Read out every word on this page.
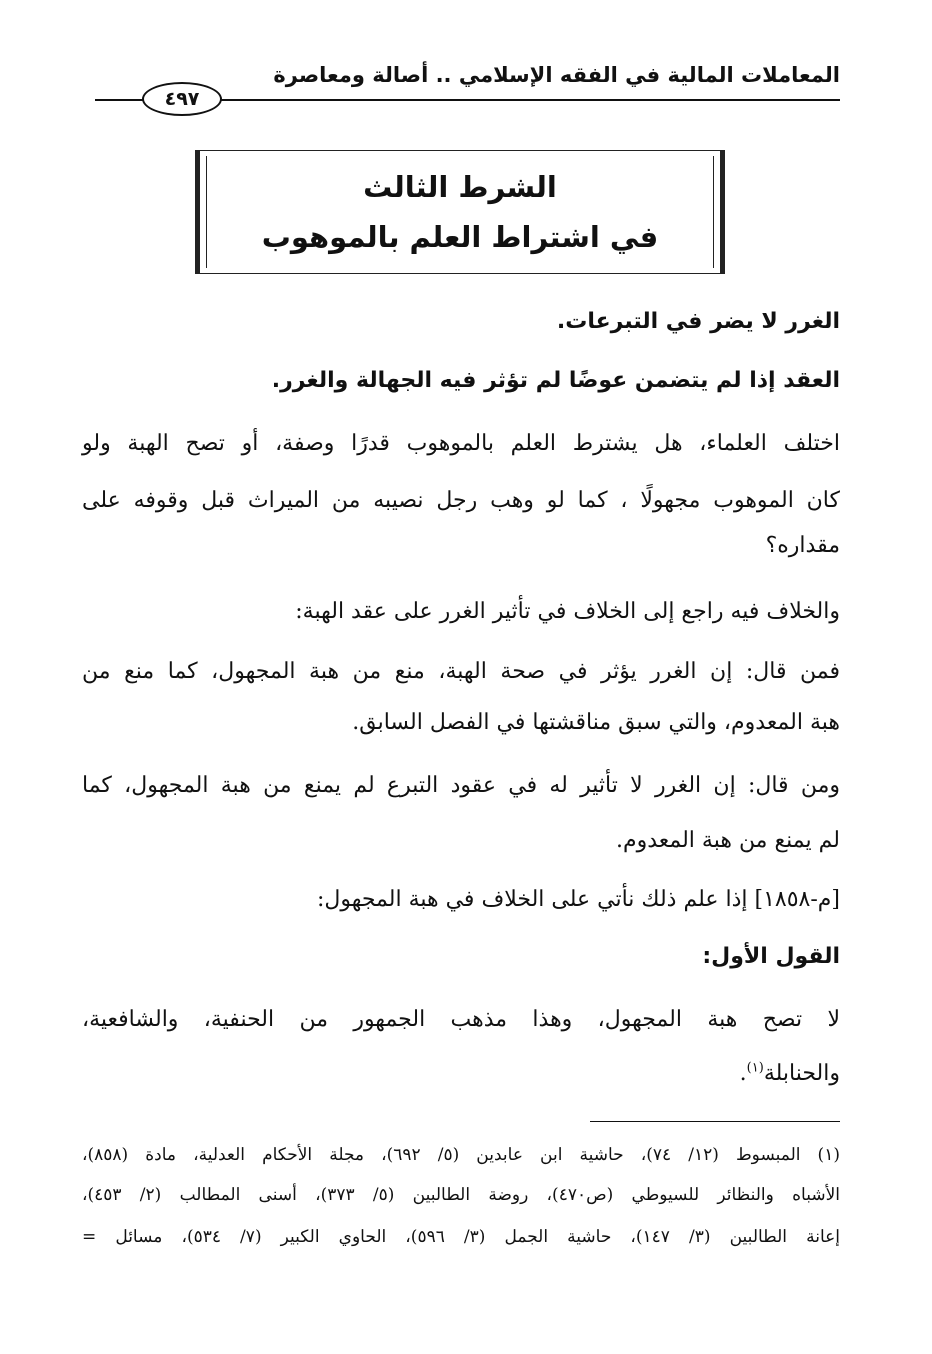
المعاملات المالية في الفقه الإسلامي .. أصالة ومعاصرة
٤٩٧
الشرط الثالث
في اشتراط العلم بالموهوب
الغرر لا يضر في التبرعات.
العقد إذا لم يتضمن عوضًا لم تؤثر فيه الجهالة والغرر.
اختلف العلماء، هل يشترط العلم بالموهوب قدرًا وصفة، أو تصح الهبة ولو
كان الموهوب مجهولًا ، كما لو وهب رجل نصيبه من الميراث قبل وقوفه على
مقداره؟
والخلاف فيه راجع إلى الخلاف في تأثير الغرر على عقد الهبة:
فمن قال: إن الغرر يؤثر في صحة الهبة، منع من هبة المجهول، كما منع من
هبة المعدوم، والتي سبق مناقشتها في الفصل السابق.
ومن قال: إن الغرر لا تأثير له في عقود التبرع لم يمنع من هبة المجهول، كما
لم يمنع من هبة المعدوم.
[م-١٨٥٨] إذا علم ذلك نأتي على الخلاف في هبة المجهول:
القول الأول:
لا تصح هبة المجهول، وهذا مذهب الجمهور من الحنفية، والشافعية،
والحنابلة$^{(١)}$.
(١) المبسوط (١٢/ ٧٤)، حاشية ابن عابدين (٥/ ٦٩٢)، مجلة الأحكام العدلية، مادة (٨٥٨)،
الأشباه والنظائر للسيوطي (ص٤٧٠)، روضة الطالبين (٥/ ٣٧٣)، أسنى المطالب (٢/ ٤٥٣)،
إعانة الطالبين (٣/ ١٤٧)، حاشية الجمل (٣/ ٥٩٦)، الحاوي الكبير (٧/ ٥٣٤)، مسائل =
